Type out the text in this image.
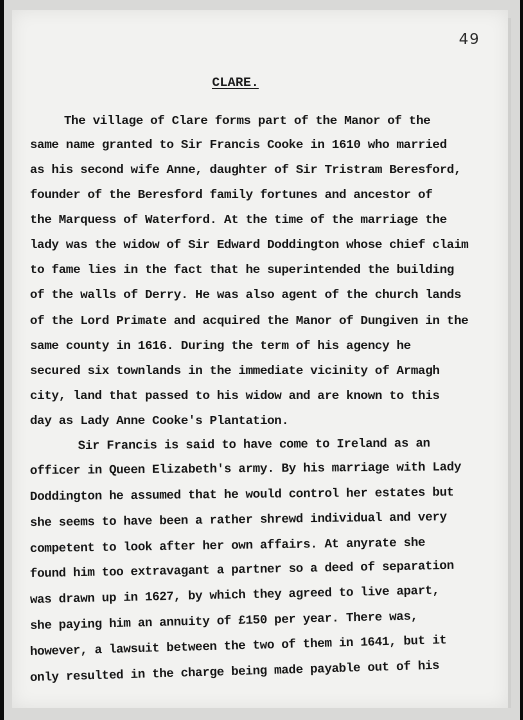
49
CLARE.
The village of Clare forms part of the Manor of the
same name granted to Sir Francis Cooke in 1610 who married
as his second wife Anne, daughter of Sir Tristram Beresford,
founder of the Beresford family fortunes and ancestor of
the Marquess of Waterford. At the time of the marriage the
lady was the widow of Sir Edward Doddington whose chief claim
to fame lies in the fact that he superintended the building
of the walls of Derry. He was also agent of the church lands
of the Lord Primate and acquired the Manor of Dungiven in the
same county in 1616. During the term of his agency he
secured six townlands in the immediate vicinity of Armagh
city, land that passed to his widow and are known to this
day as Lady Anne Cooke's Plantation.
Sir Francis is said to have come to Ireland as an
officer in Queen Elizabeth's army. By his marriage with Lady
Doddington he assumed that he would control her estates but
she seems to have been a rather shrewd individual and very
competent to look after her own affairs. At anyrate she
found him too extravagant a partner so a deed of separation
was drawn up in 1627, by which they agreed to live apart,
she paying him an annuity of £150 per year. There was,
however, a lawsuit between the two of them in 1641, but it
only resulted in the charge being made payable out of his
